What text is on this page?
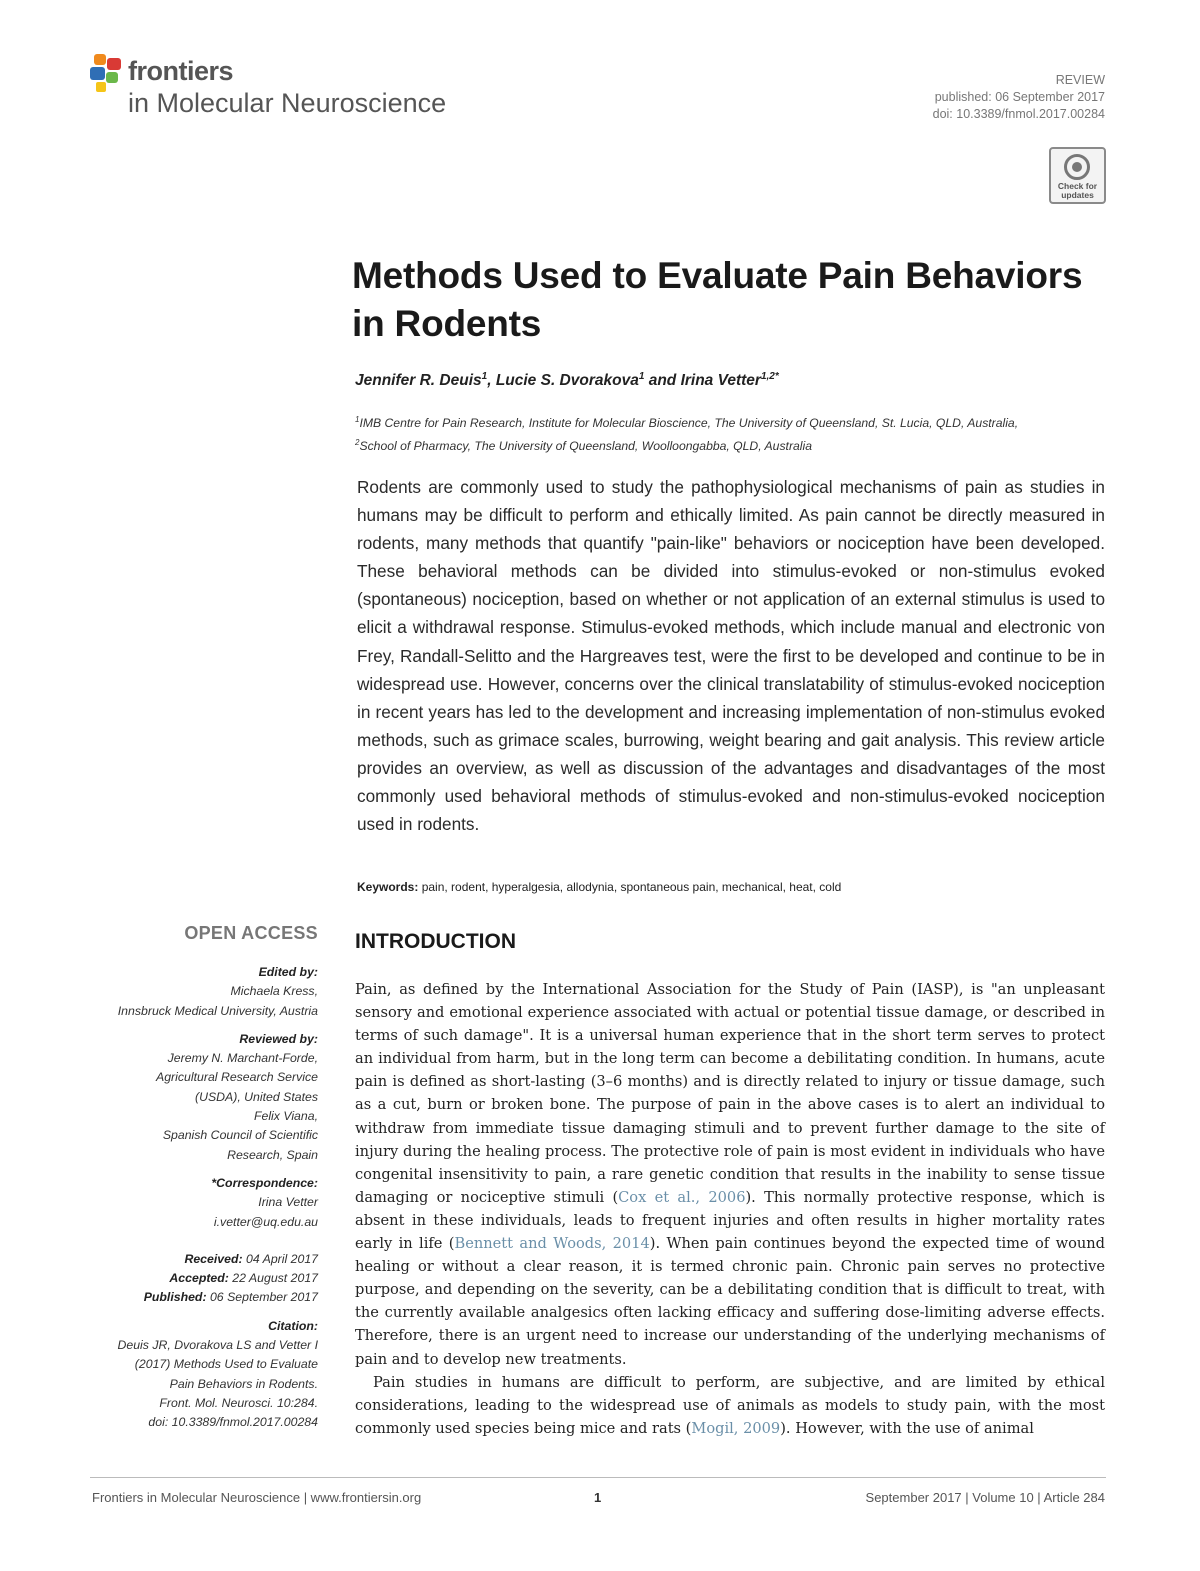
frontiers
in Molecular Neuroscience
REVIEW
published: 06 September 2017
doi: 10.3389/fnmol.2017.00284
Check for updates
Methods Used to Evaluate Pain Behaviors in Rodents
Jennifer R. Deuis$^1$, Lucie S. Dvorakova$^1$ and Irina Vetter$^{1,2*}$
$^1$IMB Centre for Pain Research, Institute for Molecular Bioscience, The University of Queensland, St. Lucia, QLD, Australia,
$^2$School of Pharmacy, The University of Queensland, Woolloongabba, QLD, Australia
Rodents are commonly used to study the pathophysiological mechanisms of pain as studies in humans may be difficult to perform and ethically limited. As pain cannot be directly measured in rodents, many methods that quantify "pain-like" behaviors or nociception have been developed. These behavioral methods can be divided into stimulus-evoked or non-stimulus evoked (spontaneous) nociception, based on whether or not application of an external stimulus is used to elicit a withdrawal response. Stimulus-evoked methods, which include manual and electronic von Frey, Randall-Selitto and the Hargreaves test, were the first to be developed and continue to be in widespread use. However, concerns over the clinical translatability of stimulus-evoked nociception in recent years has led to the development and increasing implementation of non-stimulus evoked methods, such as grimace scales, burrowing, weight bearing and gait analysis. This review article provides an overview, as well as discussion of the advantages and disadvantages of the most commonly used behavioral methods of stimulus-evoked and non-stimulus-evoked nociception used in rodents.
Keywords: pain, rodent, hyperalgesia, allodynia, spontaneous pain, mechanical, heat, cold
OPEN ACCESS
Edited by:
Michaela Kress,
Innsbruck Medical University, Austria
Reviewed by:
Jeremy N. Marchant-Forde,
Agricultural Research Service
(USDA), United States
Felix Viana,
Spanish Council of Scientific
Research, Spain
*Correspondence:
Irina Vetter
i.vetter@uq.edu.au
Received: 04 April 2017
Accepted: 22 August 2017
Published: 06 September 2017
Citation:
Deuis JR, Dvorakova LS and Vetter I
(2017) Methods Used to Evaluate
Pain Behaviors in Rodents.
Front. Mol. Neurosci. 10:284.
doi: 10.3389/fnmol.2017.00284
INTRODUCTION

Pain, as defined by the International Association for the Study of Pain (IASP), is "an unpleasant sensory and emotional experience associated with actual or potential tissue damage, or described in terms of such damage". It is a universal human experience that in the short term serves to protect an individual from harm, but in the long term can become a debilitating condition. In humans, acute pain is defined as short-lasting (3–6 months) and is directly related to injury or tissue damage, such as a cut, burn or broken bone. The purpose of pain in the above cases is to alert an individual to withdraw from immediate tissue damaging stimuli and to prevent further damage to the site of injury during the healing process. The protective role of pain is most evident in individuals who have congenital insensitivity to pain, a rare genetic condition that results in the inability to sense tissue damaging or nociceptive stimuli (Cox et al., 2006). This normally protective response, which is absent in these individuals, leads to frequent injuries and often results in higher mortality rates early in life (Bennett and Woods, 2014). When pain continues beyond the expected time of wound healing or without a clear reason, it is termed chronic pain. Chronic pain serves no protective purpose, and depending on the severity, can be a debilitating condition that is difficult to treat, with the currently available analgesics often lacking efficacy and suffering dose-limiting adverse effects. Therefore, there is an urgent need to increase our understanding of the underlying mechanisms of pain and to develop new treatments.

Pain studies in humans are difficult to perform, are subjective, and are limited by ethical considerations, leading to the widespread use of animals as models to study pain, with the most commonly used species being mice and rats (Mogil, 2009). However, with the use of animal

Frontiers in Molecular Neuroscience | www.frontiersin.org	1	September 2017 | Volume 10 | Article 284
